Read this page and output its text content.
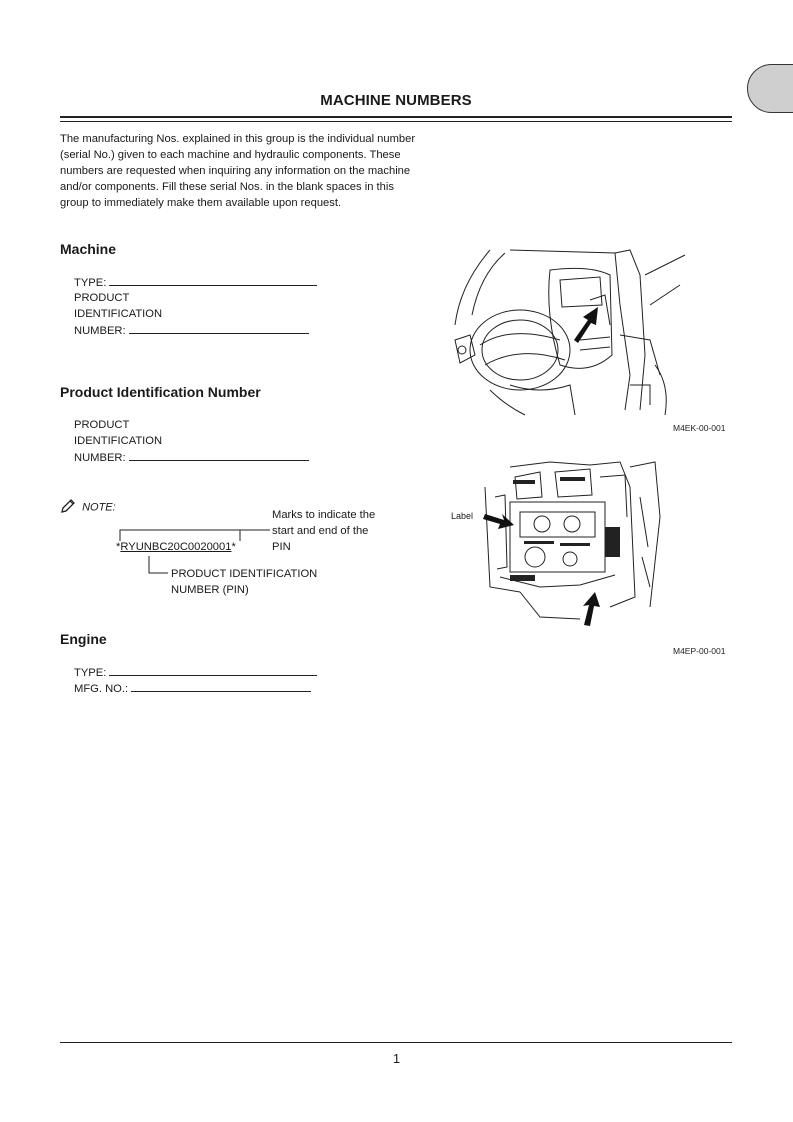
MACHINE NUMBERS
The manufacturing Nos. explained in this group is the individual number (serial No.) given to each machine and hydraulic components. These numbers are requested when inquiring any information on the machine and/or components. Fill these serial Nos. in the blank spaces in this group to immediately make them available upon request.
Machine
TYPE:
PRODUCT
IDENTIFICATION
NUMBER:
Product Identification Number
PRODUCT
IDENTIFICATION
NUMBER:
NOTE:
*RYUNBC20C0020001*
Marks to indicate the start and end of the PIN
PRODUCT IDENTIFICATION
NUMBER (PIN)
Engine
TYPE:
MFG. NO.:
M4EK-00-001
Label
M4EP-00-001
1
